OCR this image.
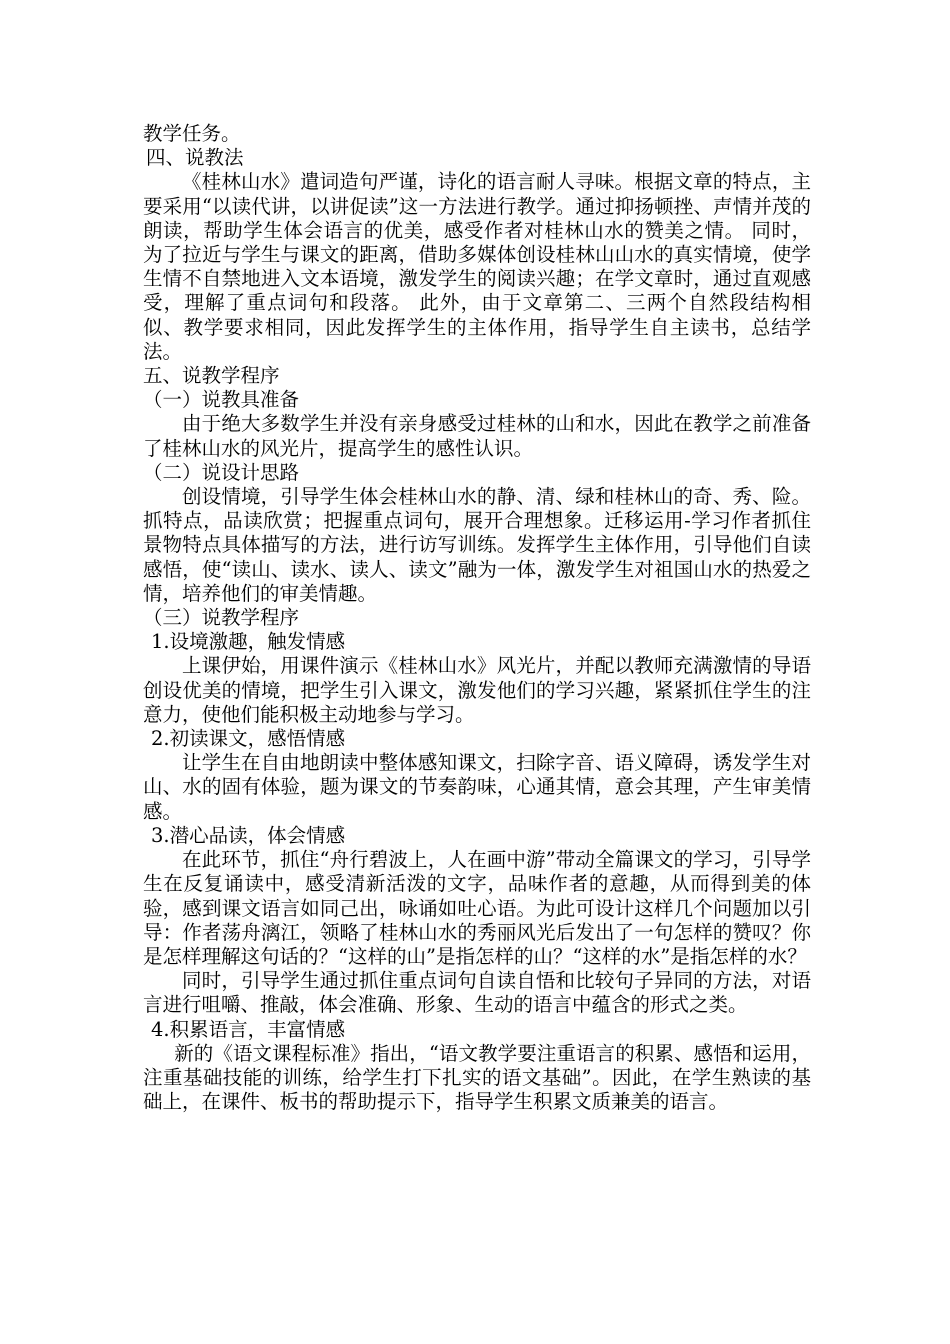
教学任务。

四、说教法

《桂林山水》遣词造句严谨，诗化的语言耐人寻味。根据文章的特点，主要采用“以读代讲，以讲促读”这一方法进行教学。通过抑扬顿挫、声情并茂的朗读，帮助学生体会语言的优美，感受作者对桂林山水的赞美之情。 同时，为了拉近与学生与课文的距离，借助多媒体创设桂林山山水的真实情境，使学生情不自禁地进入文本语境，激发学生的阅读兴趣；在学文章时，通过直观感受，理解了重点词句和段落。 此外，由于文章第二、三两个自然段结构相似、教学要求相同，因此发挥学生的主体作用，指导学生自主读书，总结学法。

五、说教学程序

（一）说教具准备

由于绝大多数学生并没有亲身感受过桂林的山和水，因此在教学之前准备了桂林山水的风光片，提高学生的感性认识。

（二）说设计思路

创设情境，引导学生体会桂林山水的静、清、绿和桂林山的奇、秀、险。抓特点，品读欣赏；把握重点词句，展开合理想象。迁移运用-学习作者抓住景物特点具体描写的方法，进行访写训练。发挥学生主体作用，引导他们自读感悟，使“读山、读水、读人、读文”融为一体，激发学生对祖国山水的热爱之情，培养他们的审美情趣。

（三）说教学程序

1.设境激趣，触发情感

上课伊始，用课件演示《桂林山水》风光片，并配以教师充满激情的导语创设优美的情境，把学生引入课文，激发他们的学习兴趣，紧紧抓住学生的注意力，使他们能积极主动地参与学习。

2.初读课文，感悟情感

让学生在自由地朗读中整体感知课文，扫除字音、语义障碍，诱发学生对山、水的固有体验，题为课文的节奏韵味，心通其情，意会其理，产生审美情感。

3.潜心品读，体会情感

在此环节，抓住“舟行碧波上，人在画中游”带动全篇课文的学习，引导学生在反复诵读中，感受清新活泼的文字，品味作者的意趣，从而得到美的体验，感到课文语言如同己出，咏诵如吐心语。为此可设计这样几个问题加以引导：作者荡舟漓江，领略了桂林山水的秀丽风光后发出了一句怎样的赞叹？你是怎样理解这句话的？“这样的山”是指怎样的山？“这样的水”是指怎样的水？

同时，引导学生通过抓住重点词句自读自悟和比较句子异同的方法，对语言进行咀嚼、推敲，体会准确、形象、生动的语言中蕴含的形式之类。

4.积累语言，丰富情感

新的《语文课程标准》指出，“语文教学要注重语言的积累、感悟和运用，注重基础技能的训练，给学生打下扎实的语文基础”。因此，在学生熟读的基础上，在课件、板书的帮助提示下，指导学生积累文质兼美的语言。
